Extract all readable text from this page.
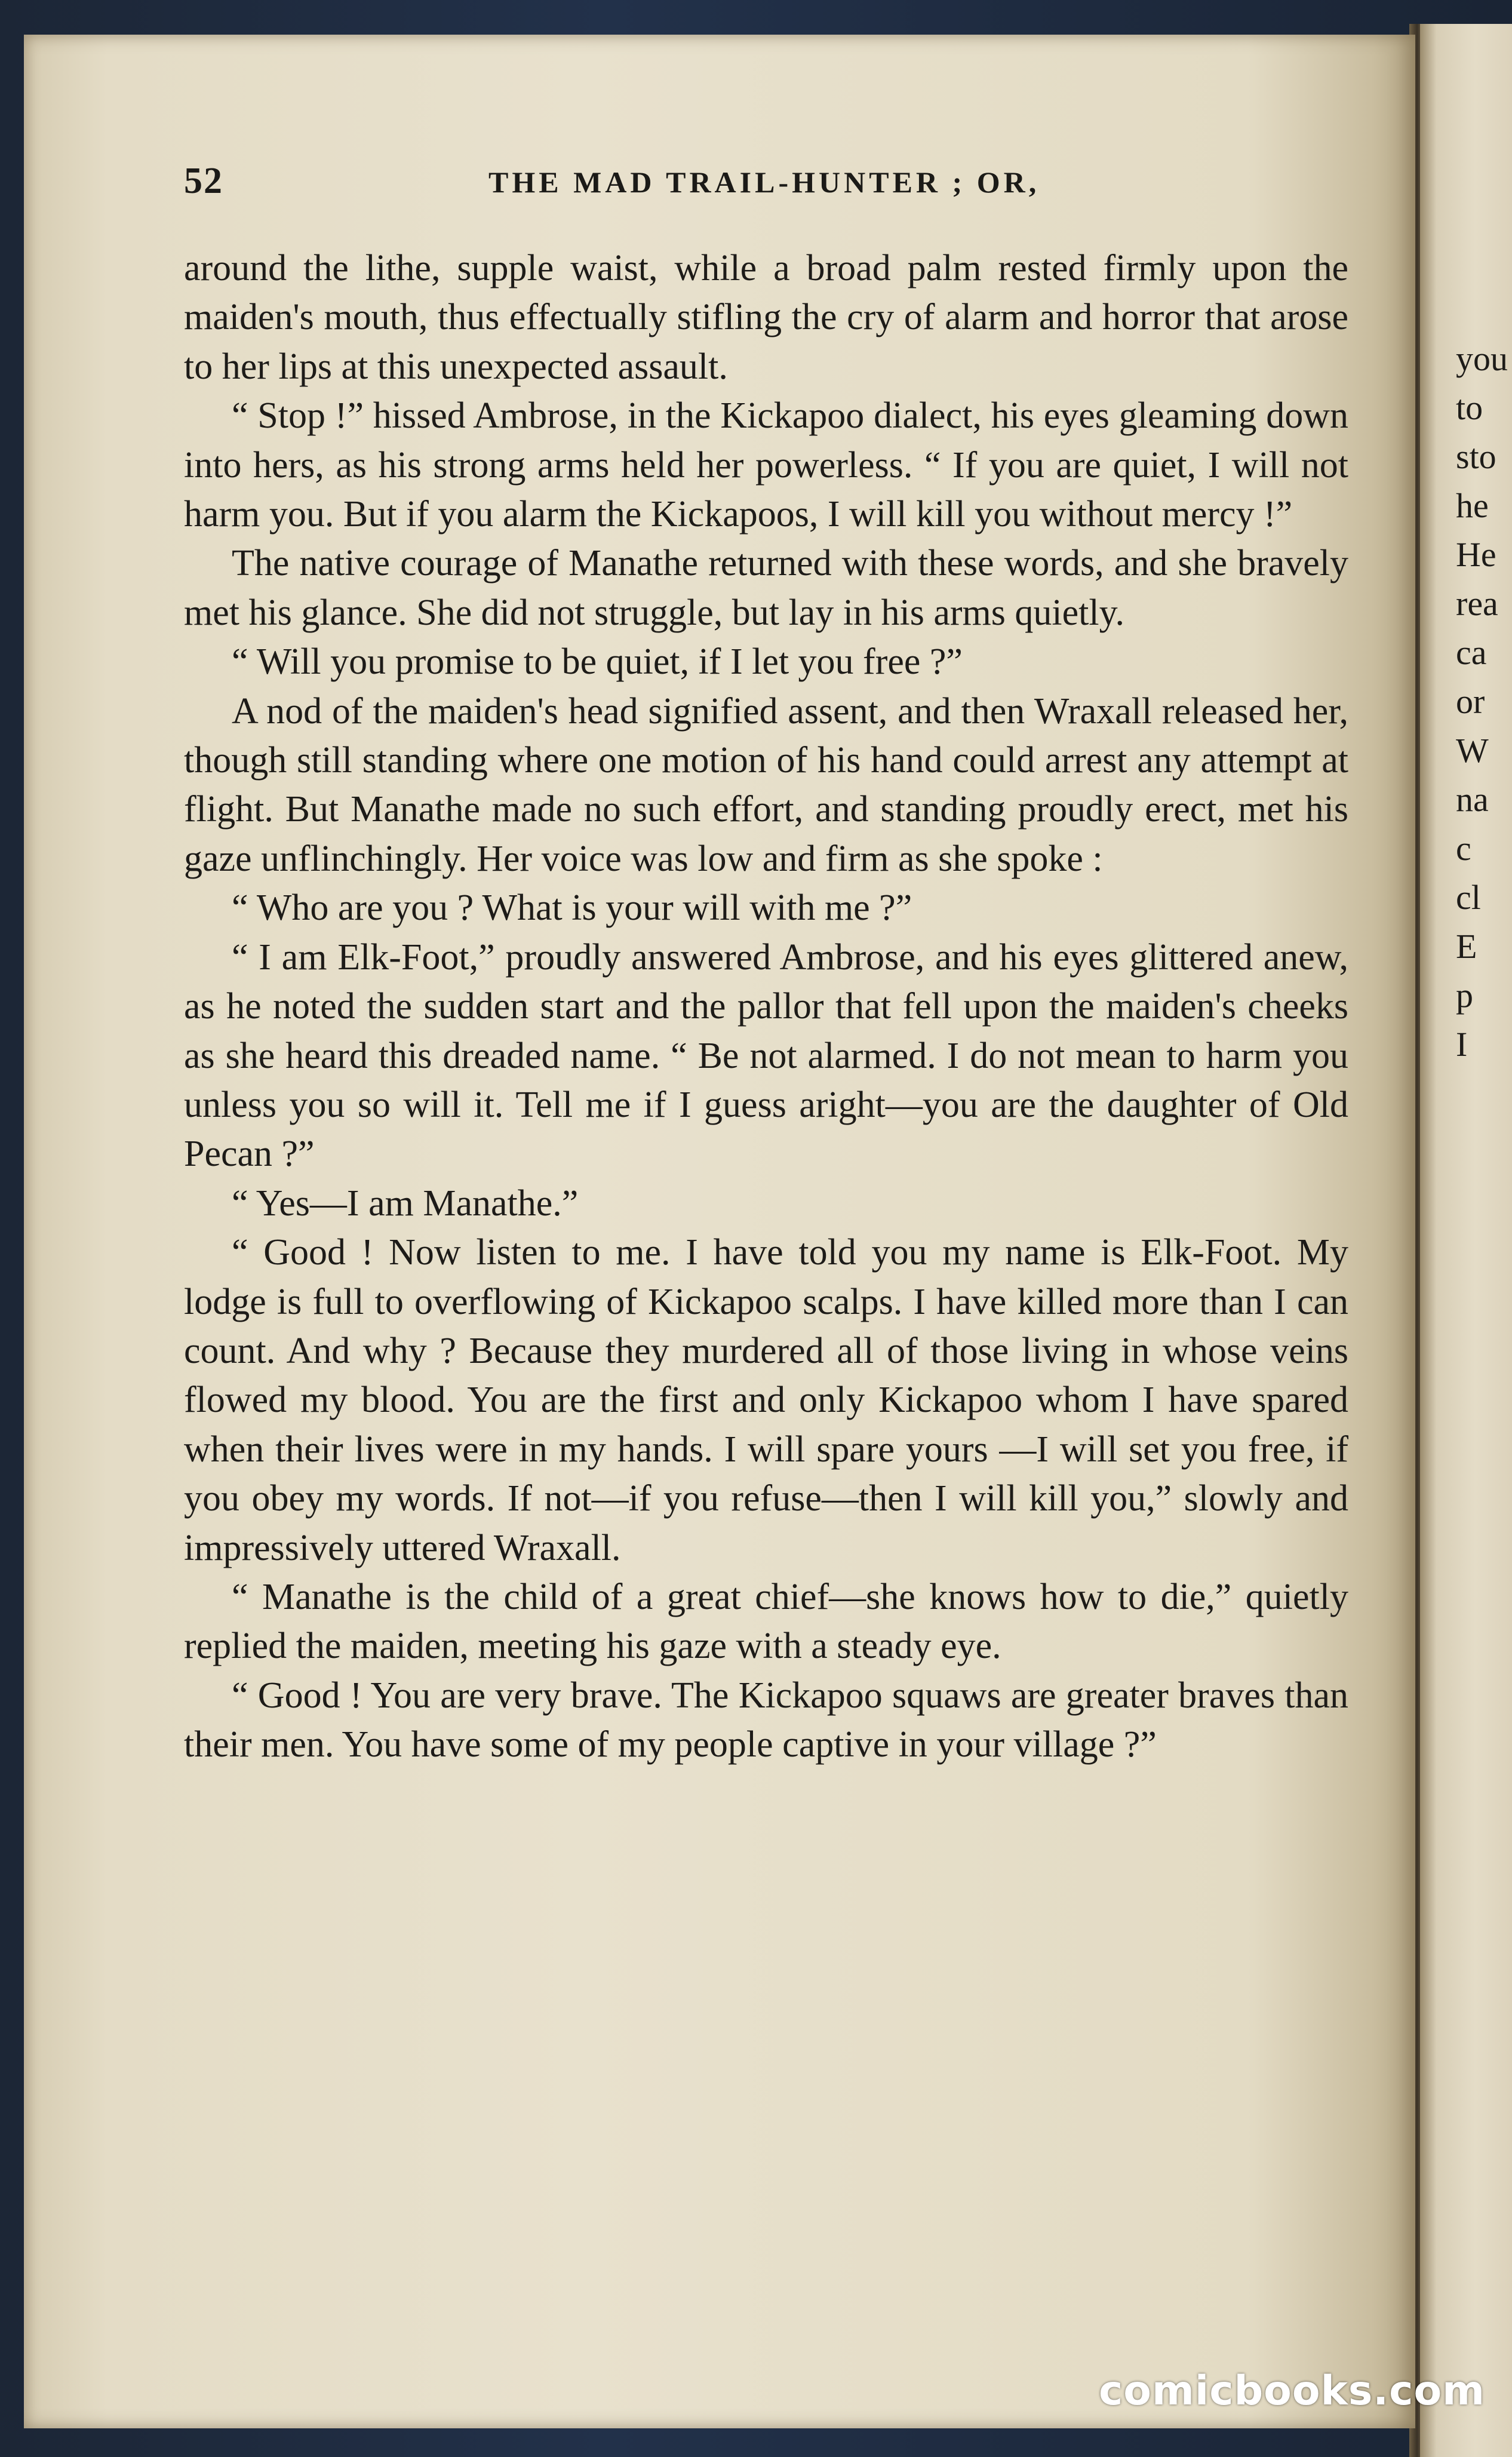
you
to
sto
he
He
rea
ca
or
W
na
c
cl
E
p
I
52	THE MAD TRAIL-HUNTER ; OR,

around the lithe, supple waist, while a broad palm rested firmly upon the maiden's mouth, thus effectually stifling the cry of alarm and horror that arose to her lips at this unexpected assault.

“ Stop !” hissed Ambrose, in the Kickapoo dialect, his eyes gleaming down into hers, as his strong arms held her powerless. “ If you are quiet, I will not harm you. But if you alarm the Kickapoos, I will kill you without mercy !”

The native courage of Manathe returned with these words, and she bravely met his glance. She did not struggle, but lay in his arms quietly.

“ Will you promise to be quiet, if I let you free ?”

A nod of the maiden's head signified assent, and then Wraxall released her, though still standing where one motion of his hand could arrest any attempt at flight. But Manathe made no such effort, and standing proudly erect, met his gaze unflinchingly. Her voice was low and firm as she spoke :

“ Who are you ? What is your will with me ?”

“ I am Elk-Foot,” proudly answered Ambrose, and his eyes glittered anew, as he noted the sudden start and the pallor that fell upon the maiden's cheeks as she heard this dreaded name. “ Be not alarmed. I do not mean to harm you unless you so will it. Tell me if I guess aright—you are the daughter of Old Pecan ?”

“ Yes—I am Manathe.”

“ Good ! Now listen to me. I have told you my name is Elk-Foot. My lodge is full to overflowing of Kickapoo scalps. I have killed more than I can count. And why ? Because they murdered all of those living in whose veins flowed my blood. You are the first and only Kickapoo whom I have spared when their lives were in my hands. I will spare yours —I will set you free, if you obey my words. If not—if you refuse—then I will kill you,” slowly and impressively uttered Wraxall.

“ Manathe is the child of a great chief—she knows how to die,” quietly replied the maiden, meeting his gaze with a steady eye.

“ Good ! You are very brave. The Kickapoo squaws are greater braves than their men. You have some of my people captive in your village ?”

comicbooks.com
